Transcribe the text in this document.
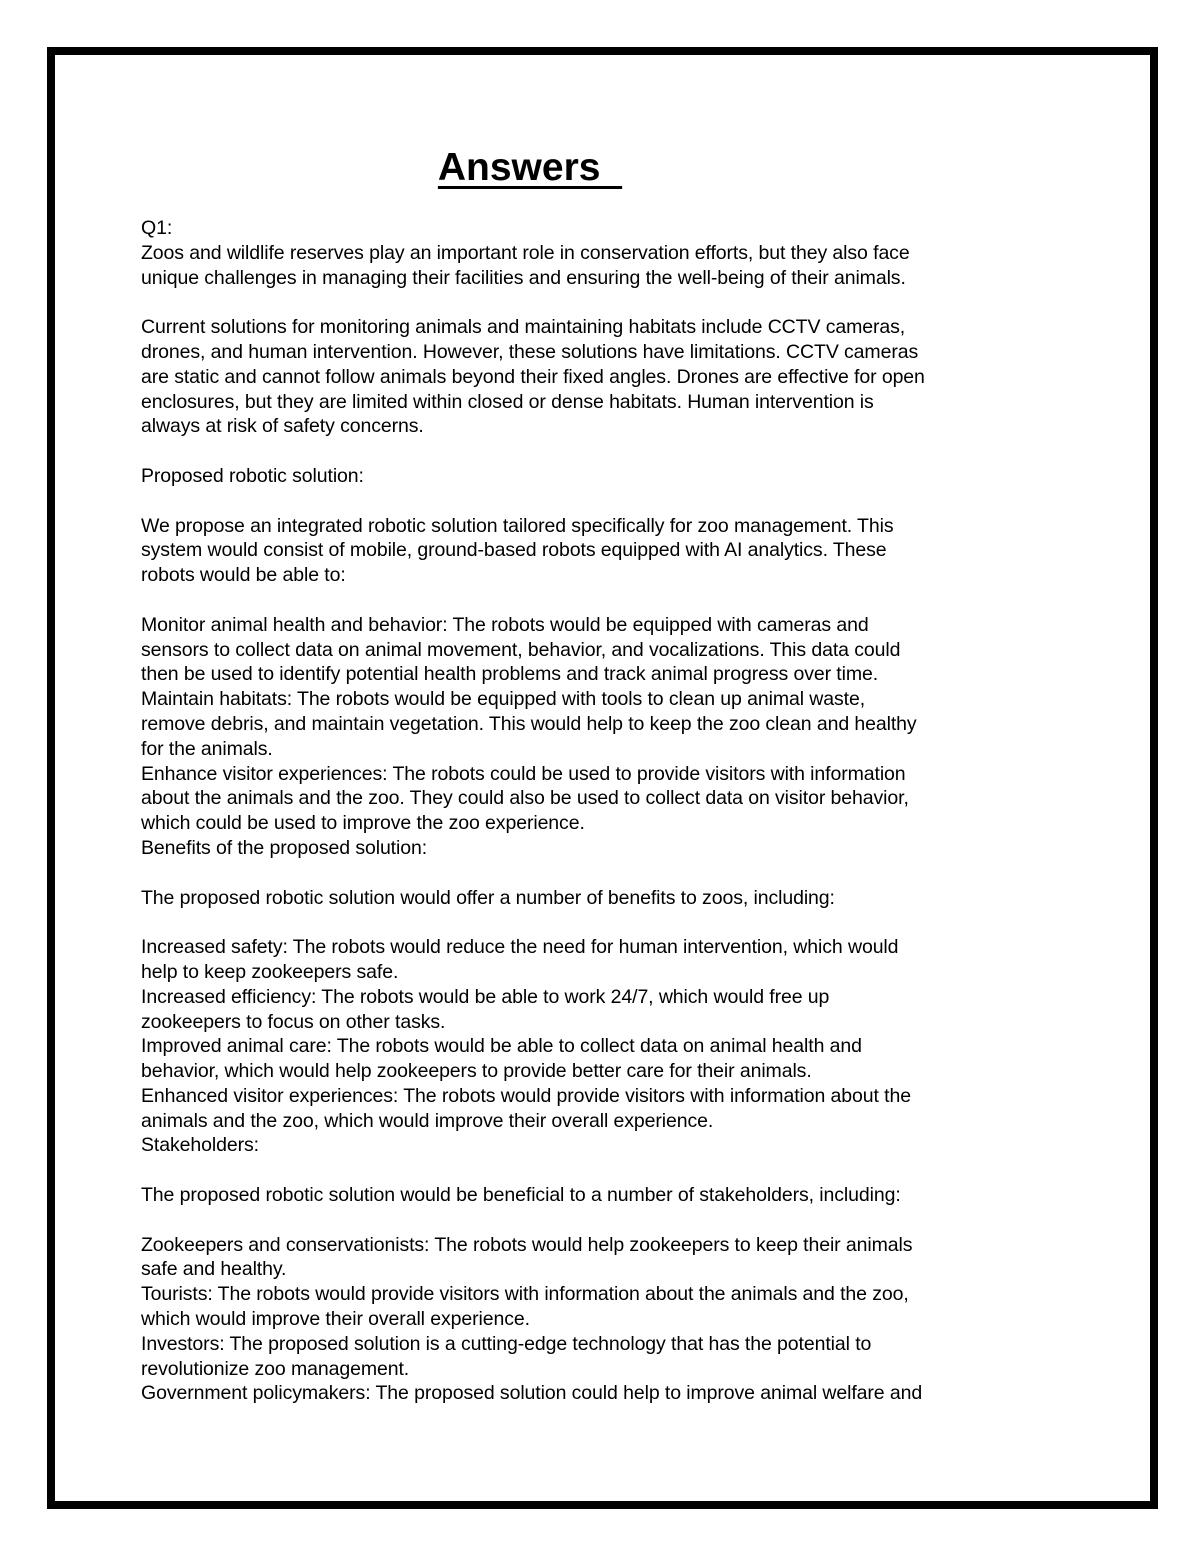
Answers
Q1:
Zoos and wildlife reserves play an important role in conservation efforts, but they also face
unique challenges in managing their facilities and ensuring the well-being of their animals.
Current solutions for monitoring animals and maintaining habitats include CCTV cameras,
drones, and human intervention. However, these solutions have limitations. CCTV cameras
are static and cannot follow animals beyond their fixed angles. Drones are effective for open
enclosures, but they are limited within closed or dense habitats. Human intervention is
always at risk of safety concerns.
Proposed robotic solution:
We propose an integrated robotic solution tailored specifically for zoo management. This
system would consist of mobile, ground-based robots equipped with AI analytics. These
robots would be able to:
Monitor animal health and behavior: The robots would be equipped with cameras and
sensors to collect data on animal movement, behavior, and vocalizations. This data could
then be used to identify potential health problems and track animal progress over time.
Maintain habitats: The robots would be equipped with tools to clean up animal waste,
remove debris, and maintain vegetation. This would help to keep the zoo clean and healthy
for the animals.
Enhance visitor experiences: The robots could be used to provide visitors with information
about the animals and the zoo. They could also be used to collect data on visitor behavior,
which could be used to improve the zoo experience.
Benefits of the proposed solution:
The proposed robotic solution would offer a number of benefits to zoos, including:
Increased safety: The robots would reduce the need for human intervention, which would
help to keep zookeepers safe.
Increased efficiency: The robots would be able to work 24/7, which would free up
zookeepers to focus on other tasks.
Improved animal care: The robots would be able to collect data on animal health and
behavior, which would help zookeepers to provide better care for their animals.
Enhanced visitor experiences: The robots would provide visitors with information about the
animals and the zoo, which would improve their overall experience.
Stakeholders:
The proposed robotic solution would be beneficial to a number of stakeholders, including:
Zookeepers and conservationists: The robots would help zookeepers to keep their animals
safe and healthy.
Tourists: The robots would provide visitors with information about the animals and the zoo,
which would improve their overall experience.
Investors: The proposed solution is a cutting-edge technology that has the potential to
revolutionize zoo management.
Government policymakers: The proposed solution could help to improve animal welfare and
